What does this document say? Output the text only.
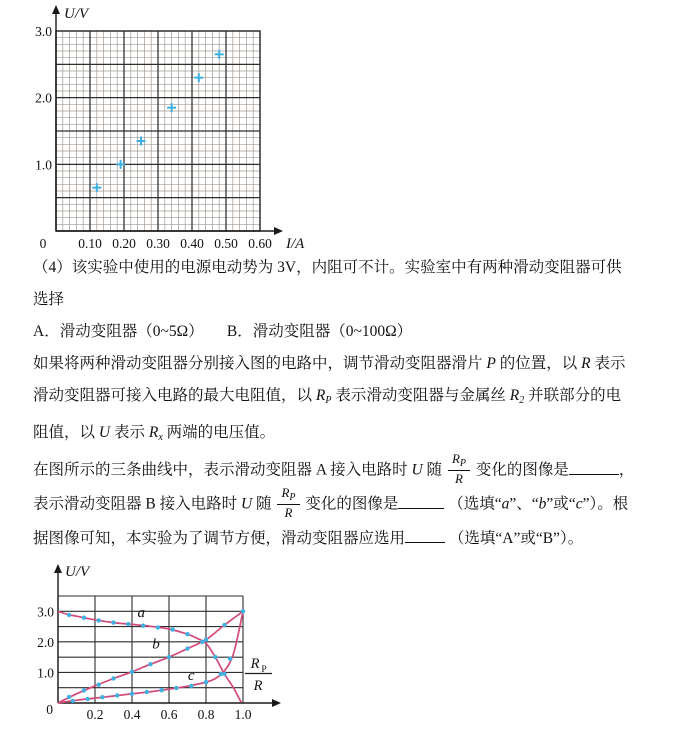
U/V
I/A
0 0.10 0.20 0.30 0.40 0.50 0.60
1.0
2.0
3.0
（4）该实验中使用的电源电动势为 3V，内阻可不计。实验室中有两种滑动变阻器可供
选择
A．滑动变阻器（0~5Ω）　　B．滑动变阻器（0~100Ω）
如果将两种滑动变阻器分别接入图的电路中，调节滑动变阻器滑片 P 的位置，以 R 表示
滑动变阻器可接入电路的最大电阻值，以 RP 表示滑动变阻器与金属丝 R2 并联部分的电
阻值，以 U 表示 Rx 两端的电压值。
在图所示的三条曲线中，表示滑动变阻器 A 接入电路时 U 随 $\frac{R_P}{R}$ 变化的图像是	，
表示滑动变阻器 B 接入电路时 U 随 $\frac{R_P}{R}$ 变化的图像是	（选填“a”、“b”或“c”）。根
据图像可知，本实验为了调节方便，滑动变阻器应选用	（选填“A”或“B”）。
U/V
1.0
2.0
3.0
0 0.2 0.4 0.6 0.8 1.0
R P
R
a
b
c
